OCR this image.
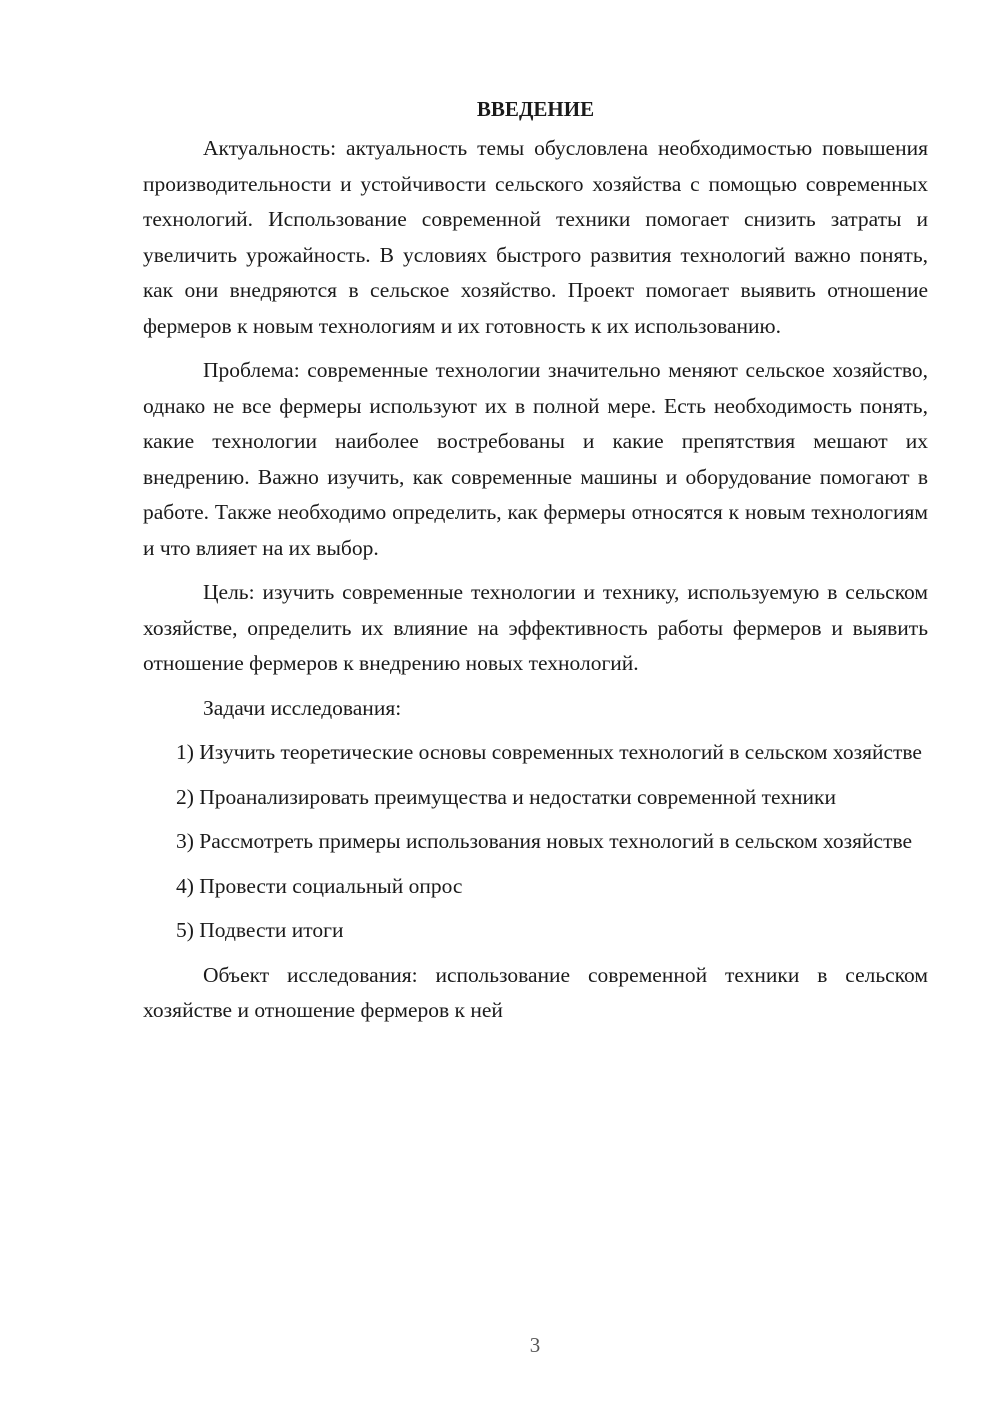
ВВЕДЕНИЕ

Актуальность: актуальность темы обусловлена необходимостью повышения производительности и устойчивости сельского хозяйства с помощью современных технологий. Использование современной техники помогает снизить затраты и увеличить урожайность. В условиях быстрого развития технологий важно понять, как они внедряются в сельское хозяйство. Проект помогает выявить отношение фермеров к новым технологиям и их готовность к их использованию.

Проблема: современные технологии значительно меняют сельское хозяйство, однако не все фермеры используют их в полной мере. Есть необходимость понять, какие технологии наиболее востребованы и какие препятствия мешают их внедрению. Важно изучить, как современные машины и оборудование помогают в работе. Также необходимо определить, как фермеры относятся к новым технологиям и что влияет на их выбор.

Цель: изучить современные технологии и технику, используемую в сельском хозяйстве, определить их влияние на эффективность работы фермеров и выявить отношение фермеров к внедрению новых технологий.

Задачи исследования:

1) Изучить теоретические основы современных технологий в сельском хозяйстве

2) Проанализировать преимущества и недостатки современной техники

3) Рассмотреть примеры использования новых технологий в сельском хозяйстве

4) Провести социальный опрос

5) Подвести итоги

Объект исследования: использование современной техники в сельском хозяйстве и отношение фермеров к ней

3
